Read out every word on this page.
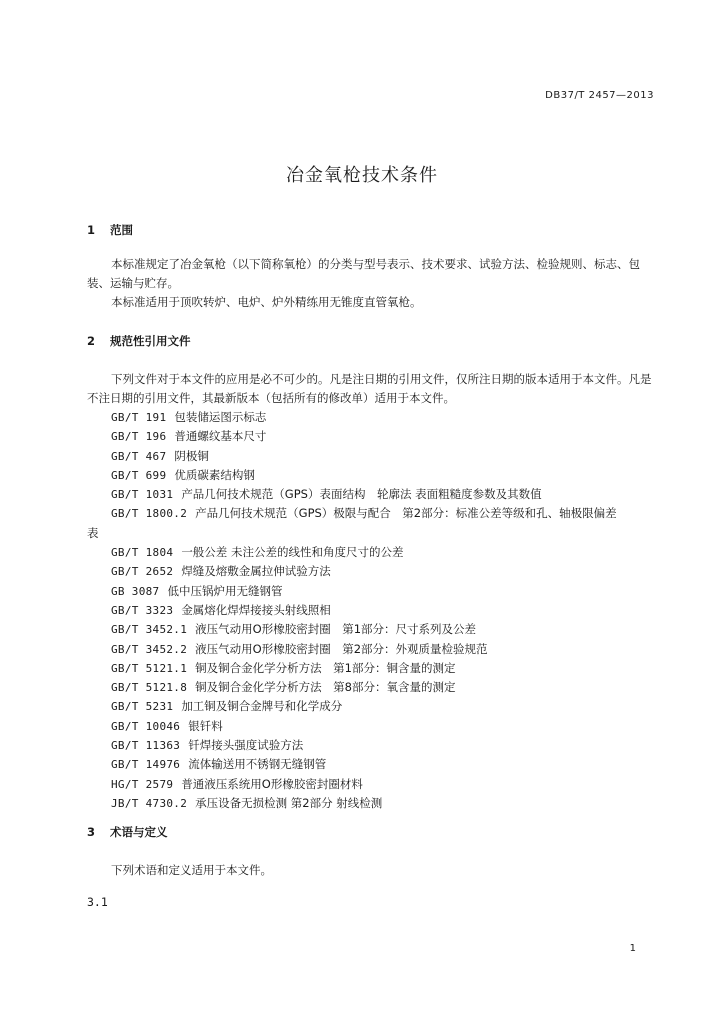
DB37/T 2457—2013
冶金氧枪技术条件
1 范围
本标准规定了冶金氧枪（以下简称氧枪）的分类与型号表示、技术要求、试验方法、检验规则、标志、包装、运输与贮存。
本标准适用于顶吹转炉、电炉、炉外精练用无锥度直管氧枪。
2 规范性引用文件
下列文件对于本文件的应用是必不可少的。凡是注日期的引用文件，仅所注日期的版本适用于本文件。凡是不注日期的引用文件，其最新版本（包括所有的修改单）适用于本文件。
GB/T 191 包装储运图示标志
GB/T 196 普通螺纹基本尺寸
GB/T 467 阴极铜
GB/T 699 优质碳素结构钢
GB/T 1031 产品几何技术规范（GPS）表面结构　轮廓法 表面粗糙度参数及其数值
GB/T 1800.2 产品几何技术规范（GPS）极限与配合　第2部分：标准公差等级和孔、轴极限偏差
表
GB/T 1804 一般公差 未注公差的线性和角度尺寸的公差
GB/T 2652 焊缝及熔敷金属拉伸试验方法
GB 3087 低中压锅炉用无缝钢管
GB/T 3323 金属熔化焊焊接接头射线照相
GB/T 3452.1 液压气动用O形橡胶密封圈　第1部分：尺寸系列及公差
GB/T 3452.2 液压气动用O形橡胶密封圈　第2部分：外观质量检验规范
GB/T 5121.1 铜及铜合金化学分析方法　第1部分：铜含量的测定
GB/T 5121.8 铜及铜合金化学分析方法　第8部分：氧含量的测定
GB/T 5231 加工铜及铜合金牌号和化学成分
GB/T 10046 银钎料
GB/T 11363 钎焊接头强度试验方法
GB/T 14976 流体输送用不锈钢无缝钢管
HG/T 2579 普通液压系统用O形橡胶密封圈材料
JB/T 4730.2 承压设备无损检测 第2部分 射线检测
3 术语与定义
下列术语和定义适用于本文件。
3.1
1
